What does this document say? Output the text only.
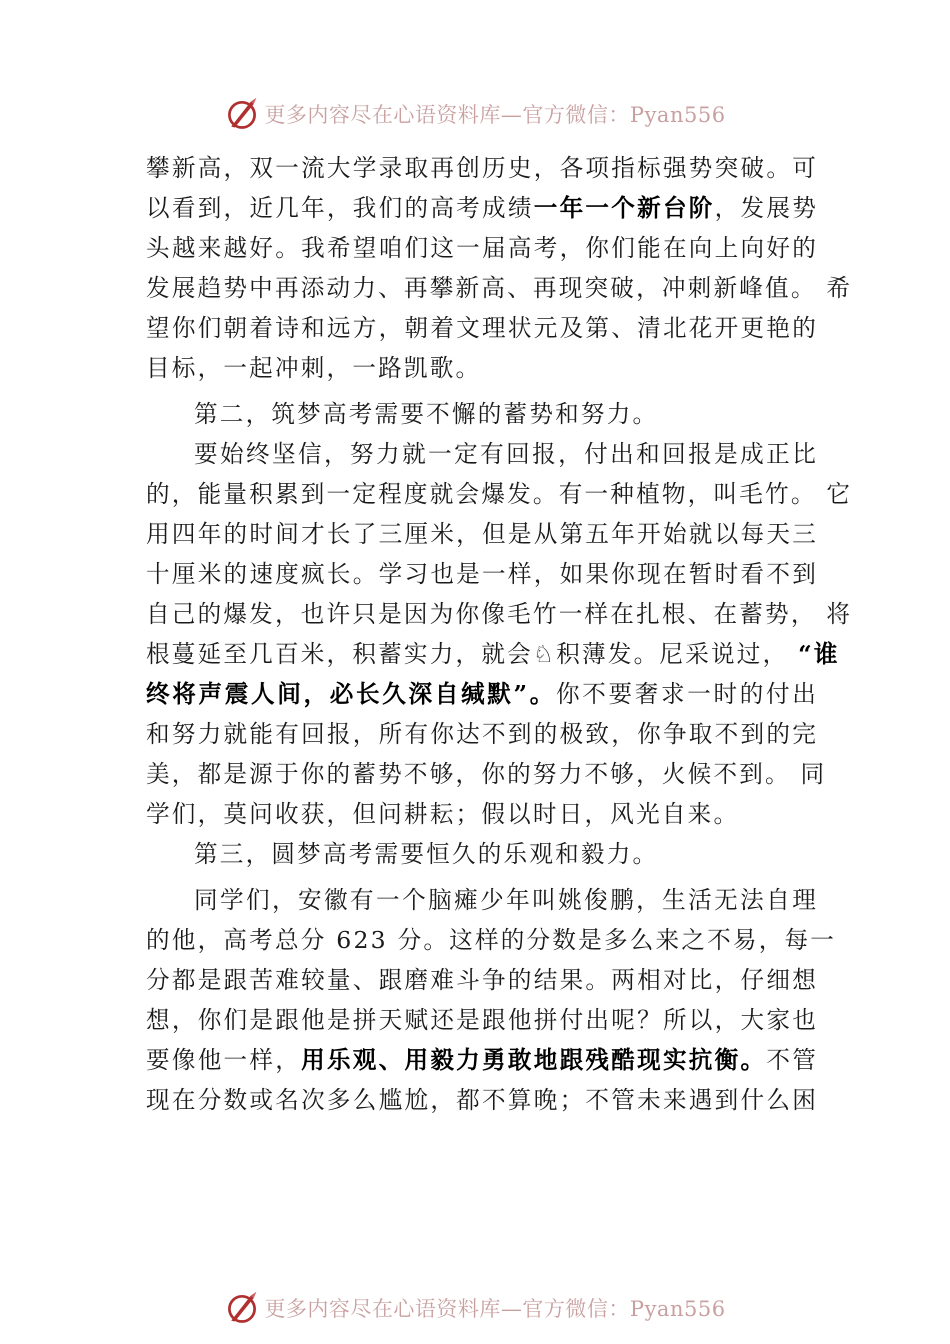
更多内容尽在心语资料库—官方微信：Pyan556
攀新高，双一流大学录取再创历史，各项指标强势突破。可
以看到，近几年，我们的高考成绩一年一个新台阶，发展势
头越来越好。我希望咱们这一届高考，你们能在向上向好的
发展趋势中再添动力、再攀新高、再现突破，冲刺新峰值。 希
望你们朝着诗和远方，朝着文理状元及第、清北花开更艳的
目标，一起冲刺，一路凯歌。
第二，筑梦高考需要不懈的蓄势和努力。
要始终坚信，努力就一定有回报，付出和回报是成正比
的，能量积累到一定程度就会爆发。有一种植物，叫毛竹。 它
用四年的时间才长了三厘米，但是从第五年开始就以每天三
十厘米的速度疯长。学习也是一样，如果你现在暂时看不到
自己的爆发，也许只是因为你像毛竹一样在扎根、在蓄势， 将
根蔓延至几百米，积蓄实力，就会♘积薄发。尼采说过， “谁
终将声震人间，必长久深自缄默”。你不要奢求一时的付出
和努力就能有回报，所有你达不到的极致，你争取不到的完
美，都是源于你的蓄势不够，你的努力不够，火候不到。 同
学们，莫问收获，但问耕耘；假以时日，风光自来。
第三，圆梦高考需要恒久的乐观和毅力。
同学们，安徽有一个脑瘫少年叫姚俊鹏，生活无法自理
的他，高考总分 623 分。这样的分数是多么来之不易，每一
分都是跟苦难较量、跟磨难斗争的结果。两相对比，仔细想
想，你们是跟他是拼天赋还是跟他拼付出呢？所以，大家也
要像他一样，用乐观、用毅力勇敢地跟残酷现实抗衡。不管
现在分数或名次多么尴尬，都不算晚；不管未来遇到什么困
更多内容尽在心语资料库—官方微信：Pyan556
